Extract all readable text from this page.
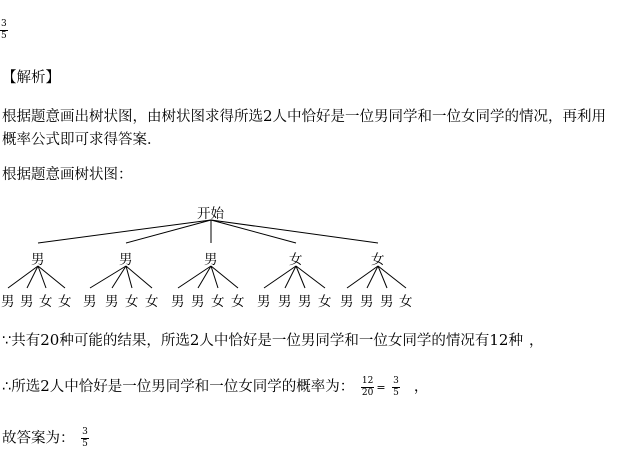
$\frac{3}{5}$
【解析】
根据题意画出树状图，由树状图求得所选2人中恰好是一位男同学和一位女同学的情况，再利用
概率公式即可求得答案．
根据题意画树状图：
开始
男
男 男 女 女
男
男 男 女 女
男
男 男 女 女
女
男 男 男 女
女
男 男 男 女
∵共有20种可能的结果，所选2人中恰好是一位男同学和一位女同学的情况有12种 ，
∴所选2人中恰好是一位男同学和一位女同学的概率为： $\frac{12}{20} = \frac{3}{5}$ ，
故答案为： $\frac{3}{5}$
